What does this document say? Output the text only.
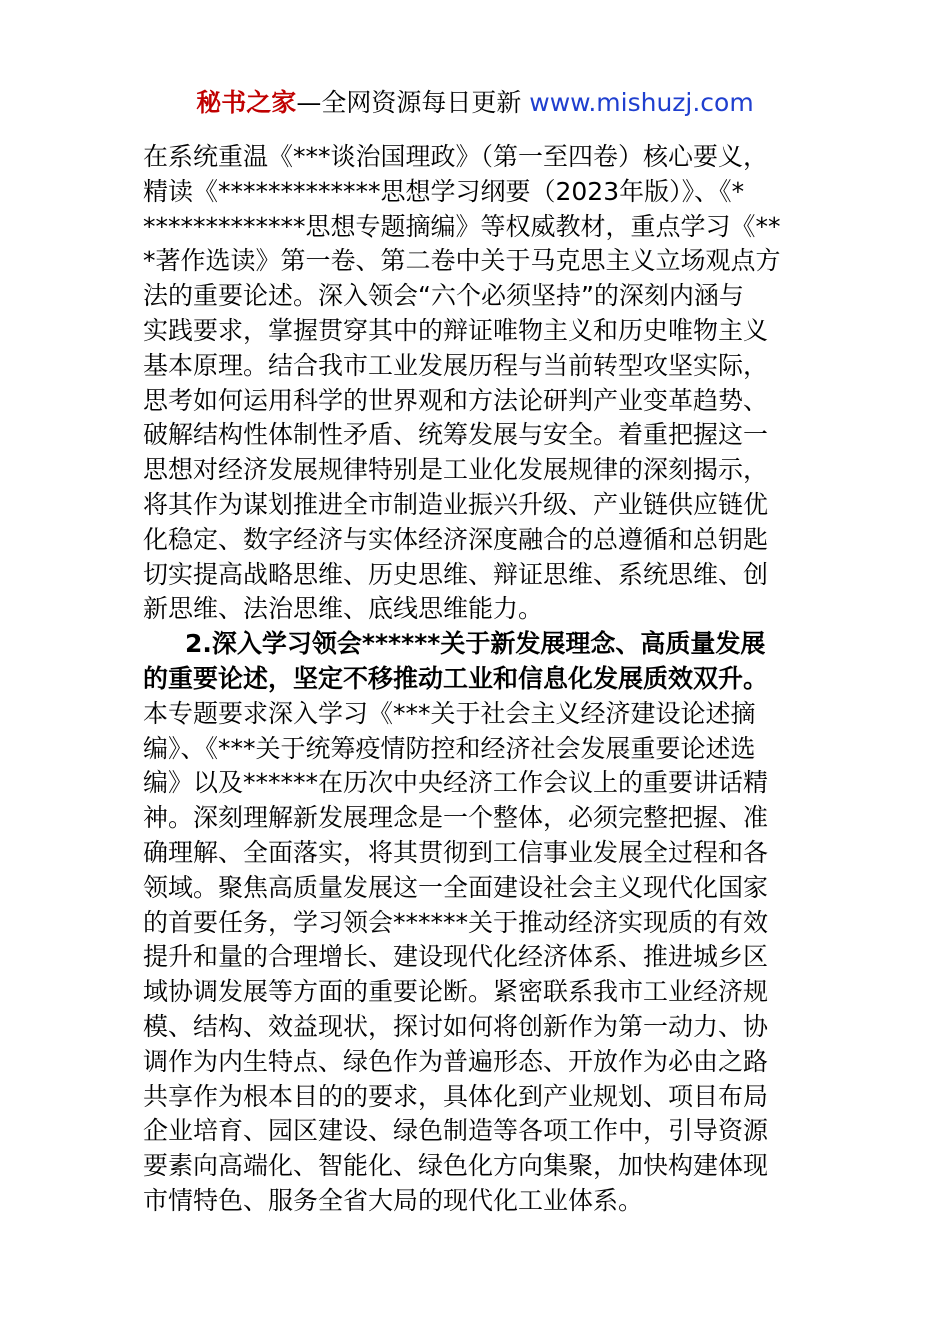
秘书之家—全网资源每日更新 www.mishuzj.com
在系统重温《***谈治国理政》（第一至四卷）核心要义，
精读《*************思想学习纲要（2023年版）》、《*
*************思想专题摘编》等权威教材，重点学习《**
*著作选读》第一卷、第二卷中关于马克思主义立场观点方
法的重要论述。深入领会“六个必须坚持”的深刻内涵与
实践要求，掌握贯穿其中的辩证唯物主义和历史唯物主义
基本原理。结合我市工业发展历程与当前转型攻坚实际，
思考如何运用科学的世界观和方法论研判产业变革趋势、
破解结构性体制性矛盾、统筹发展与安全。着重把握这一
思想对经济发展规律特别是工业化发展规律的深刻揭示，
将其作为谋划推进全市制造业振兴升级、产业链供应链优
化稳定、数字经济与实体经济深度融合的总遵循和总钥匙
切实提高战略思维、历史思维、辩证思维、系统思维、创
新思维、法治思维、底线思维能力。
2.深入学习领会******关于新发展理念、高质量发展
的重要论述，坚定不移推动工业和信息化发展质效双升。
本专题要求深入学习《***关于社会主义经济建设论述摘
编》、《***关于统筹疫情防控和经济社会发展重要论述选
编》以及******在历次中央经济工作会议上的重要讲话精
神。深刻理解新发展理念是一个整体，必须完整把握、准
确理解、全面落实，将其贯彻到工信事业发展全过程和各
领域。聚焦高质量发展这一全面建设社会主义现代化国家
的首要任务，学习领会******关于推动经济实现质的有效
提升和量的合理增长、建设现代化经济体系、推进城乡区
域协调发展等方面的重要论断。紧密联系我市工业经济规
模、结构、效益现状，探讨如何将创新作为第一动力、协
调作为内生特点、绿色作为普遍形态、开放作为必由之路
共享作为根本目的的要求，具体化到产业规划、项目布局
企业培育、园区建设、绿色制造等各项工作中，引导资源
要素向高端化、智能化、绿色化方向集聚，加快构建体现
市情特色、服务全省大局的现代化工业体系。
